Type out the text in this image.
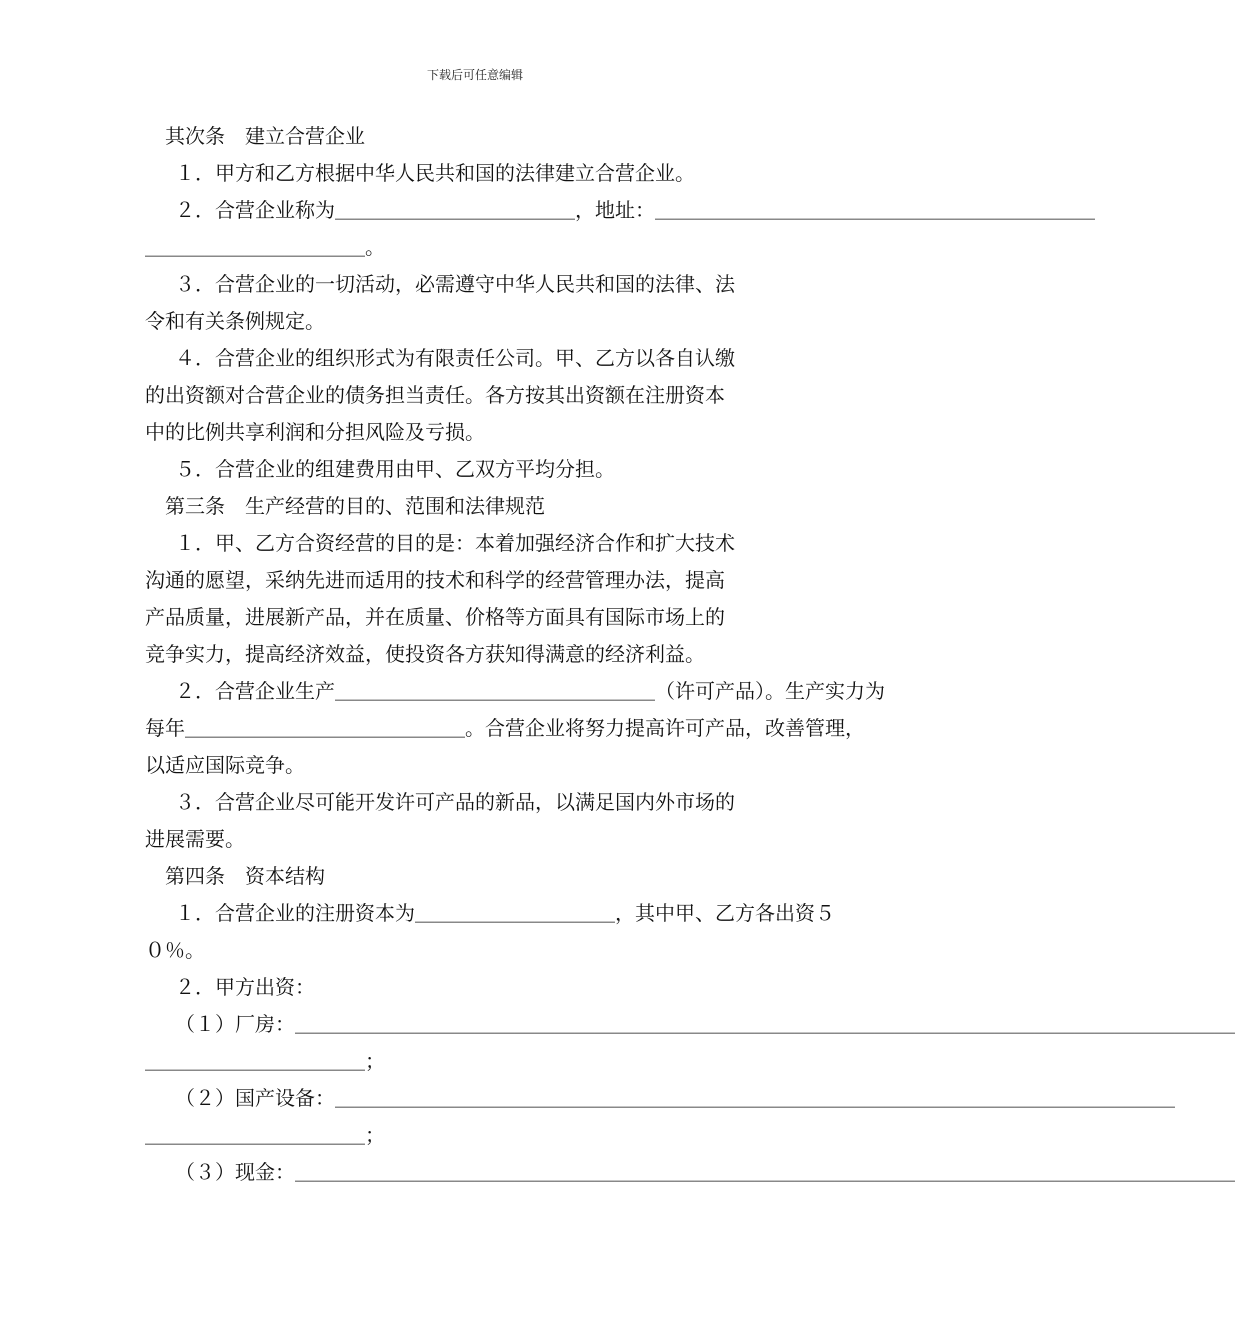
下载后可任意编辑
其次条　建立合营企业
１．甲方和乙方根据中华人民共和国的法律建立合营企业。
２．合营企业称为＿＿＿＿＿＿＿＿＿＿＿＿，地址：＿＿＿＿＿＿＿＿＿＿＿＿＿＿＿＿＿＿＿＿＿＿
＿＿＿＿＿＿＿＿＿＿＿。
３．合营企业的一切活动，必需遵守中华人民共和国的法律、法
令和有关条例规定。
４．合营企业的组织形式为有限责任公司。甲、乙方以各自认缴
的出资额对合营企业的债务担当责任。各方按其出资额在注册资本
中的比例共享利润和分担风险及亏损。
５．合营企业的组建费用由甲、乙双方平均分担。
第三条　生产经营的目的、范围和法律规范
１．甲、乙方合资经营的目的是：本着加强经济合作和扩大技术
沟通的愿望，采纳先进而适用的技术和科学的经营管理办法，提高
产品质量，进展新产品，并在质量、价格等方面具有国际市场上的
竞争实力，提高经济效益，使投资各方获知得满意的经济利益。
２．合营企业生产＿＿＿＿＿＿＿＿＿＿＿＿＿＿＿＿（许可产品）。生产实力为
每年＿＿＿＿＿＿＿＿＿＿＿＿＿＿。合营企业将努力提高许可产品，改善管理，
以适应国际竞争。
３．合营企业尽可能开发许可产品的新品，以满足国内外市场的
进展需要。
第四条　资本结构
１．合营企业的注册资本为＿＿＿＿＿＿＿＿＿＿，其中甲、乙方各出资５
０％。
２．甲方出资：
（１）厂房：＿＿＿＿＿＿＿＿＿＿＿＿＿＿＿＿＿＿＿＿＿＿＿＿＿＿＿＿＿＿＿＿＿＿＿＿＿＿＿＿＿＿＿＿＿＿＿
＿＿＿＿＿＿＿＿＿＿＿；
（２）国产设备：＿＿＿＿＿＿＿＿＿＿＿＿＿＿＿＿＿＿＿＿＿＿＿＿＿＿＿＿＿＿＿＿＿＿＿＿＿＿＿＿＿＿
＿＿＿＿＿＿＿＿＿＿＿；
（３）现金：＿＿＿＿＿＿＿＿＿＿＿＿＿＿＿＿＿＿＿＿＿＿＿＿＿＿＿＿＿＿＿＿＿＿＿＿＿＿＿＿＿＿＿＿＿＿＿
